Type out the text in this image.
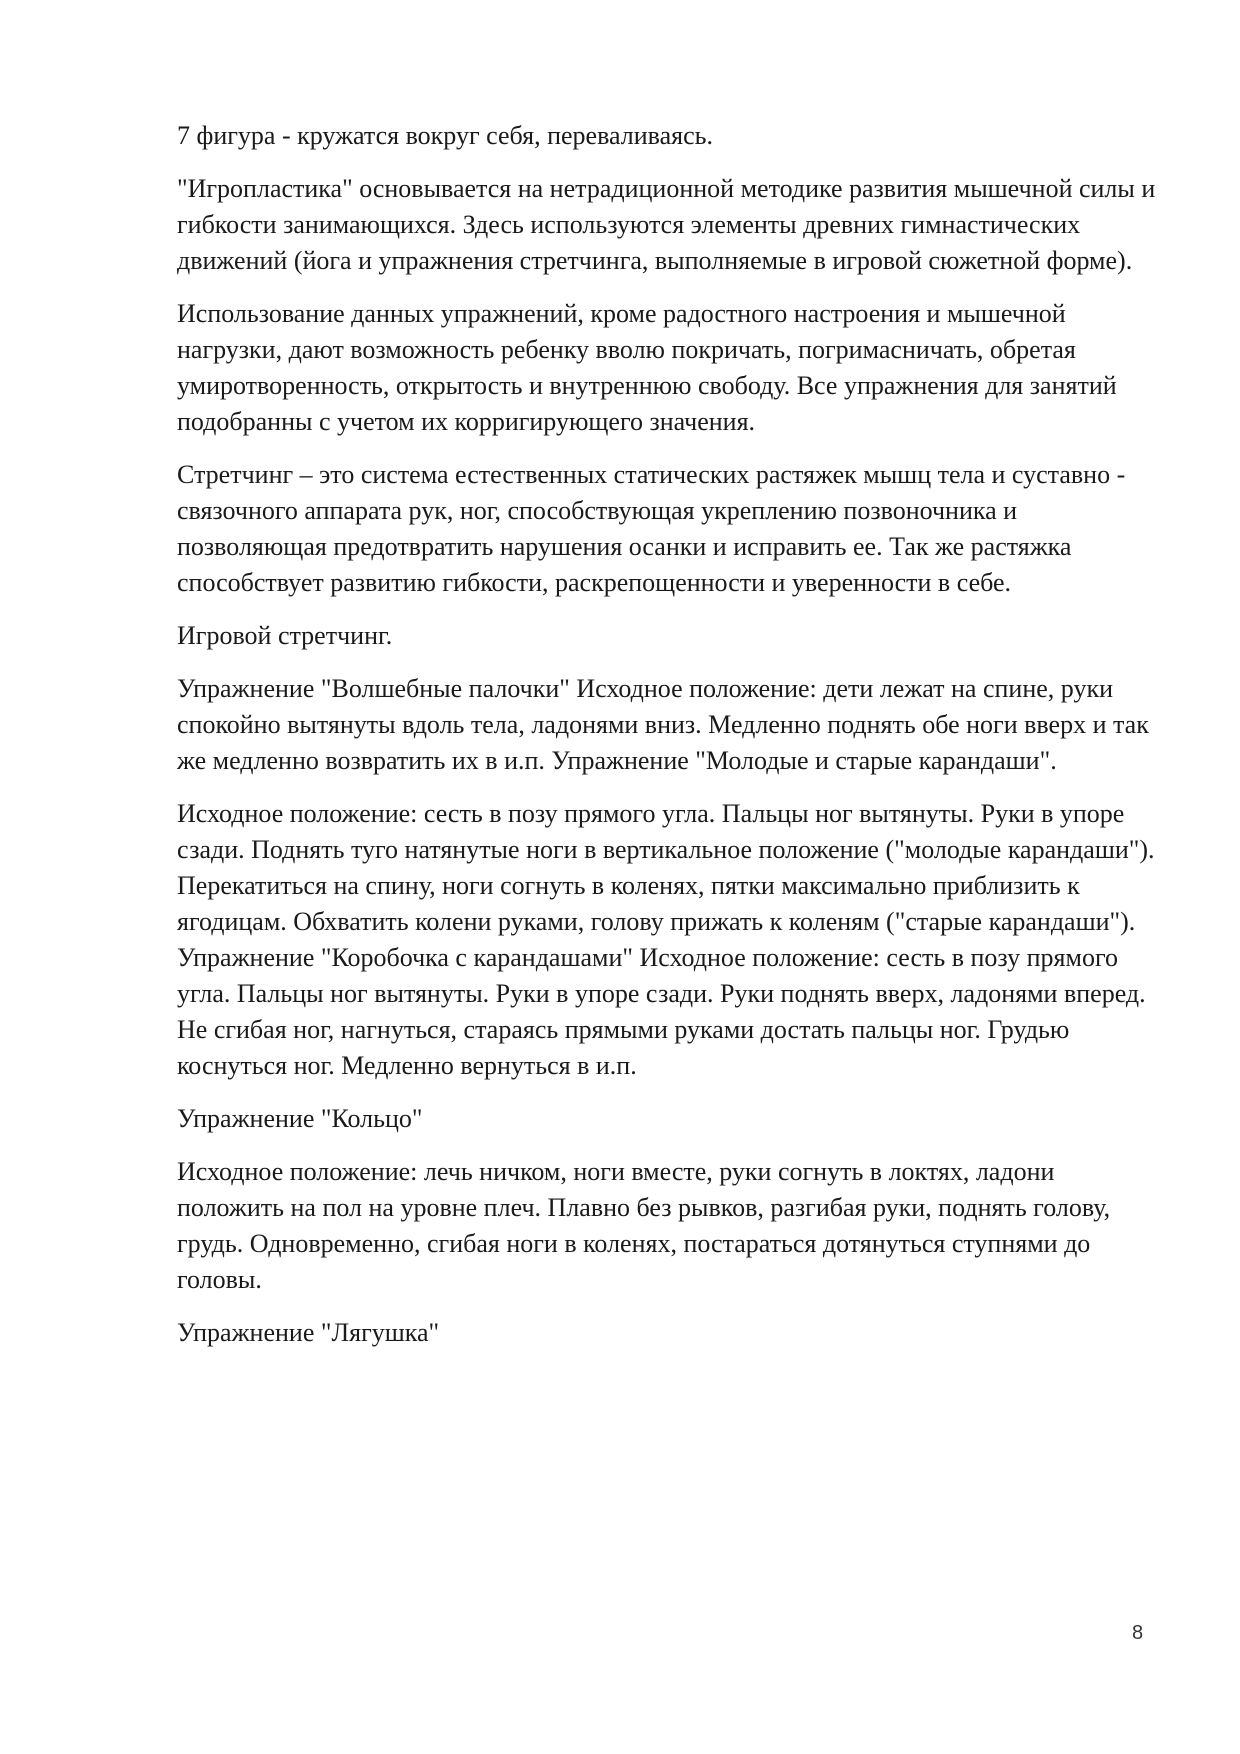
7 фигура - кружатся вокруг себя, переваливаясь.

"Игропластика" основывается на нетрадиционной методике развития мышечной силы и гибкости занимающихся. Здесь используются элементы древних гимнастических движений (йога и упражнения стретчинга, выполняемые в игровой сюжетной форме).

Использование данных упражнений, кроме радостного настроения и мышечной нагрузки, дают возможность ребенку вволю покричать, погримасничать, обретая умиротворенность, открытость и внутреннюю свободу. Все упражнения для занятий подобранны с учетом их корригирующего значения.

Стретчинг – это система естественных статических растяжек мышц тела и суставно - связочного аппарата рук, ног, способствующая укреплению позвоночника и позволяющая предотвратить нарушения осанки и исправить ее. Так же растяжка способствует развитию гибкости, раскрепощенности и уверенности в себе.

Игровой стретчинг.

Упражнение "Волшебные палочки" Исходное положение: дети лежат на спине, руки спокойно вытянуты вдоль тела, ладонями вниз. Медленно поднять обе ноги вверх и так же медленно возвратить их в и.п. Упражнение "Молодые и старые карандаши".

Исходное положение: сесть в позу прямого угла. Пальцы ног вытянуты. Руки в упоре сзади. Поднять туго натянутые ноги в вертикальное положение ("молодые карандаши"). Перекатиться на спину, ноги согнуть в коленях, пятки максимально приблизить к ягодицам. Обхватить колени руками, голову прижать к коленям ("старые карандаши"). Упражнение "Коробочка с карандашами" Исходное положение: сесть в позу прямого угла. Пальцы ног вытянуты. Руки в упоре сзади. Руки поднять вверх, ладонями вперед. Не сгибая ног, нагнуться, стараясь прямыми руками достать пальцы ног. Грудью коснуться ног. Медленно вернуться в и.п.

Упражнение "Кольцо"

Исходное положение: лечь ничком, ноги вместе, руки согнуть в локтях, ладони положить на пол на уровне плеч. Плавно без рывков, разгибая руки, поднять голову, грудь. Одновременно, сгибая ноги в коленях, постараться дотянуться ступнями до головы.

Упражнение "Лягушка"

8
